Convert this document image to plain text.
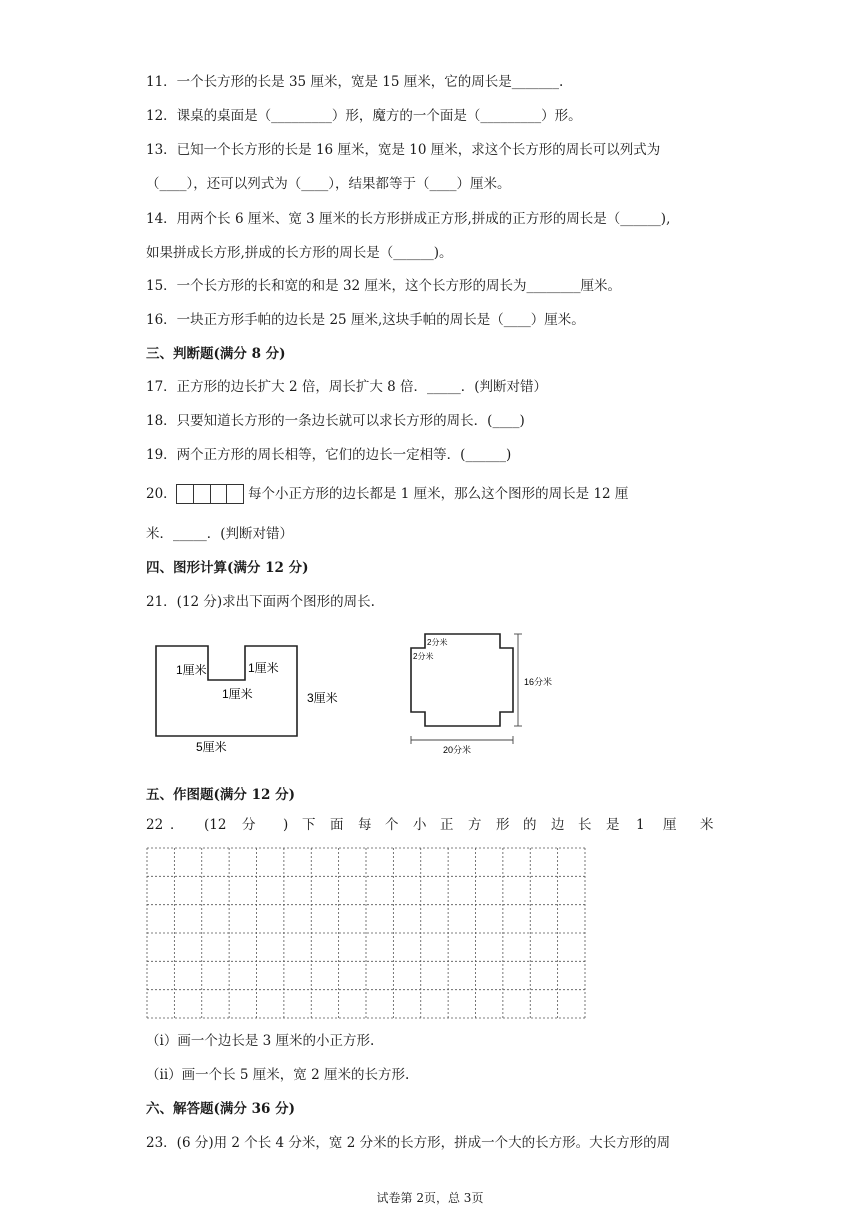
11．一个长方形的长是 35 厘米，宽是 15 厘米，它的周长是_______.
12．课桌的桌面是（_________）形，魔方的一个面是（_________）形。
13．已知一个长方形的长是 16 厘米，宽是 10 厘米，求这个长方形的周长可以列式为
（____），还可以列式为（____），结果都等于（____）厘米。
14．用两个长 6 厘米、宽 3 厘米的长方形拼成正方形,拼成的正方形的周长是（______),
如果拼成长方形,拼成的长方形的周长是（______)。
15．一个长方形的长和宽的和是 32 厘米，这个长方形的周长为________厘米。
16．一块正方形手帕的边长是 25 厘米,这块手帕的周长是（____）厘米。
三、判断题(满分 8 分)
17．正方形的边长扩大 2 倍，周长扩大 8 倍．_____．(判断对错）
18．只要知道长方形的一条边长就可以求长方形的周长．(____)
19．两个正方形的周长相等，它们的边长一定相等．(______)
20．	每个小正方形的边长都是 1 厘米，那么这个图形的周长是 12 厘
米．_____．(判断对错）
四、图形计算(满分 12 分)
21．(12 分)求出下面两个图形的周长.
1厘米	1厘米
1厘米	3厘米
5厘米
2分米
2分米
16分米
20分米
五、作图题(满分 12 分)
22 ． (12 分 ) 下 面 每 个 小 正 方 形 的 边 长 是 1 厘 米
（i）画一个边长是 3 厘米的小正方形.
（ii）画一个长 5 厘米，宽 2 厘米的长方形.
六、解答题(满分 36 分)
23．(6 分)用 2 个长 4 分米，宽 2 分米的长方形，拼成一个大的长方形。大长方形的周
试卷第 2页，总 3页
